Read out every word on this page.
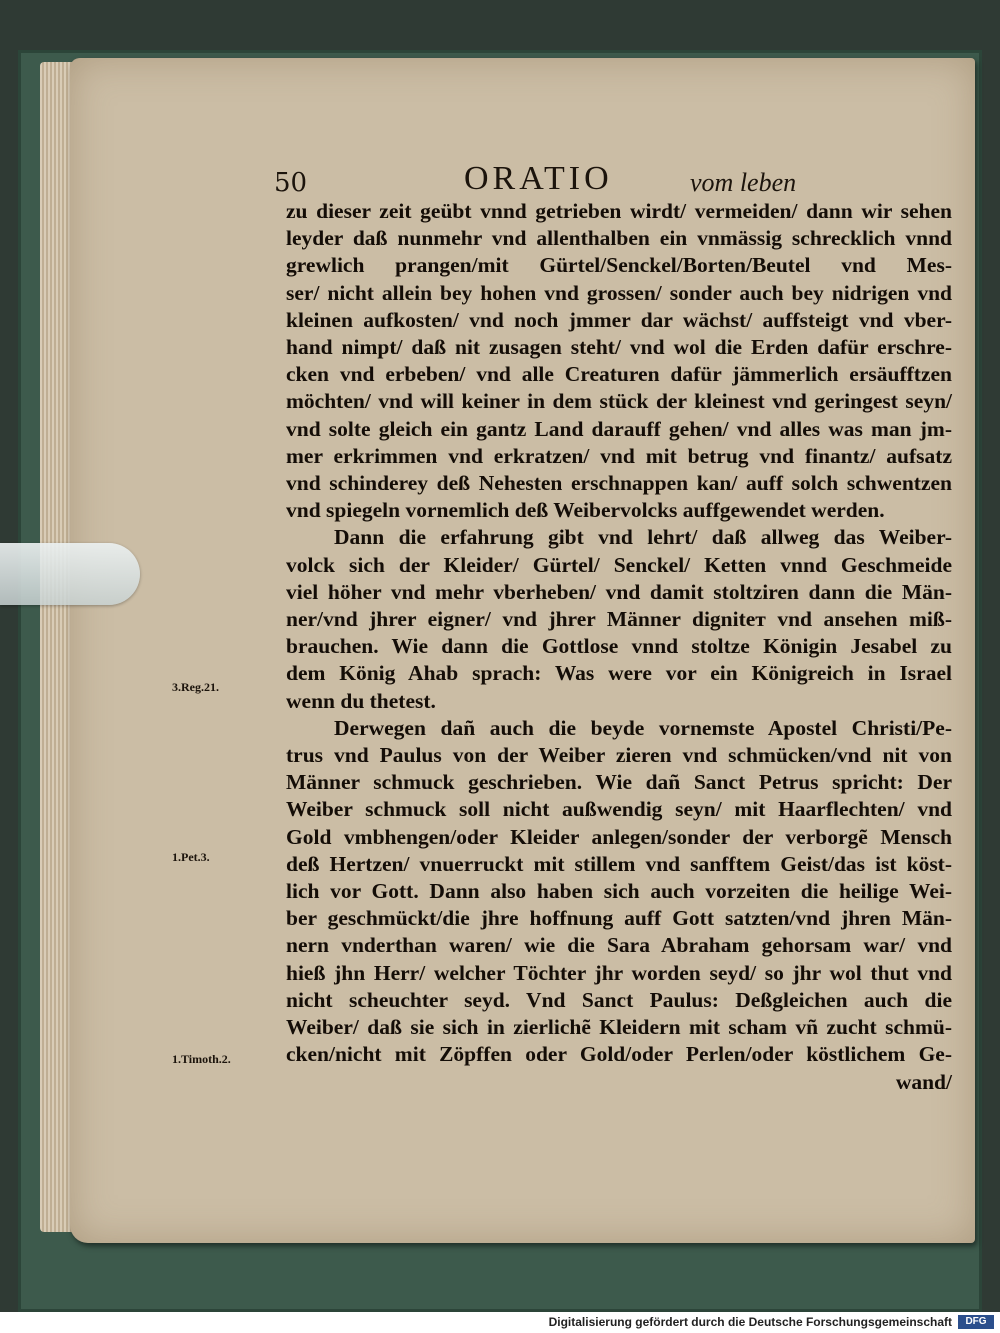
50	ORATIO	vom leben
zu dieser zeit geübt vnnd getrieben wirdt/ vermeiden/ dann wir sehen
leyder daß nunmehr vnd allenthalben ein vnmässig schrecklich vnnd
grewlich prangen/mit Gürtel/Senckel/Borten/Beutel vnd Mes-
ser/ nicht allein bey hohen vnd grossen/ sonder auch bey nidrigen vnd
kleinen aufkosten/ vnd noch jmmer dar wächst/ auffsteigt vnd vber-
hand nimpt/ daß nit zusagen steht/ vnd wol die Erden dafür erschre-
cken vnd erbeben/ vnd alle Creaturen dafür jämmerlich ersäufftzen
möchten/ vnd will keiner in dem stück der kleinest vnd geringest seyn/
vnd solte gleich ein gantz Land darauff gehen/ vnd alles was man jm-
mer erkrimmen vnd erkratzen/ vnd mit betrug vnd finantz/ aufsatz
vnd schinderey deß Nehesten erschnappen kan/ auff solch schwentzen
vnd spiegeln vornemlich deß Weibervolcks auffgewendet werden.
Dann die erfahrung gibt vnd lehrt/ daß allweg das Weiber-
volck sich der Kleider/ Gürtel/ Senckel/ Ketten vnnd Geschmeide
viel höher vnd mehr vberheben/ vnd damit stoltziren dann die Män-
ner/vnd jhrer eigner/ vnd jhrer Männer digniteт vnd ansehen miß-
brauchen. Wie dann die Gottlose vnnd stoltze Königin Jesabel zu
dem König Ahab sprach: Was were vor ein Königreich in Israel
wenn du thetest.
Derwegen dañ auch die beyde vornemste Apostel Christi/Pe-
trus vnd Paulus von der Weiber zieren vnd schmücken/vnd nit von
Männer schmuck geschrieben. Wie dañ Sanct Petrus spricht: Der
Weiber schmuck soll nicht außwendig seyn/ mit Haarflechten/ vnd
Gold vmbhengen/oder Kleider anlegen/sonder der verborgẽ Mensch
deß Hertzen/ vnuerruckt mit stillem vnd sanfftem Geist/das ist köst-
lich vor Gott. Dann also haben sich auch vorzeiten die heilige Wei-
ber geschmückt/die jhre hoffnung auff Gott satzten/vnd jhren Män-
nern vnderthan waren/ wie die Sara Abraham gehorsam war/ vnd
hieß jhn Herr/ welcher Töchter jhr worden seyd/ so jhr wol thut vnd
nicht scheuchter seyd. Vnd Sanct Paulus: Deßgleichen auch die
Weiber/ daß sie sich in zierlichẽ Kleidern mit scham vñ zucht schmü-
cken/nicht mit Zöpffen oder Gold/oder Perlen/oder köstlichem Ge-
wand/
3.Reg.21.
1.Pet.3.
1.Timoth.2.
Digitalisierung gefördert durch die Deutsche Forschungsgemeinschaft	DFG
